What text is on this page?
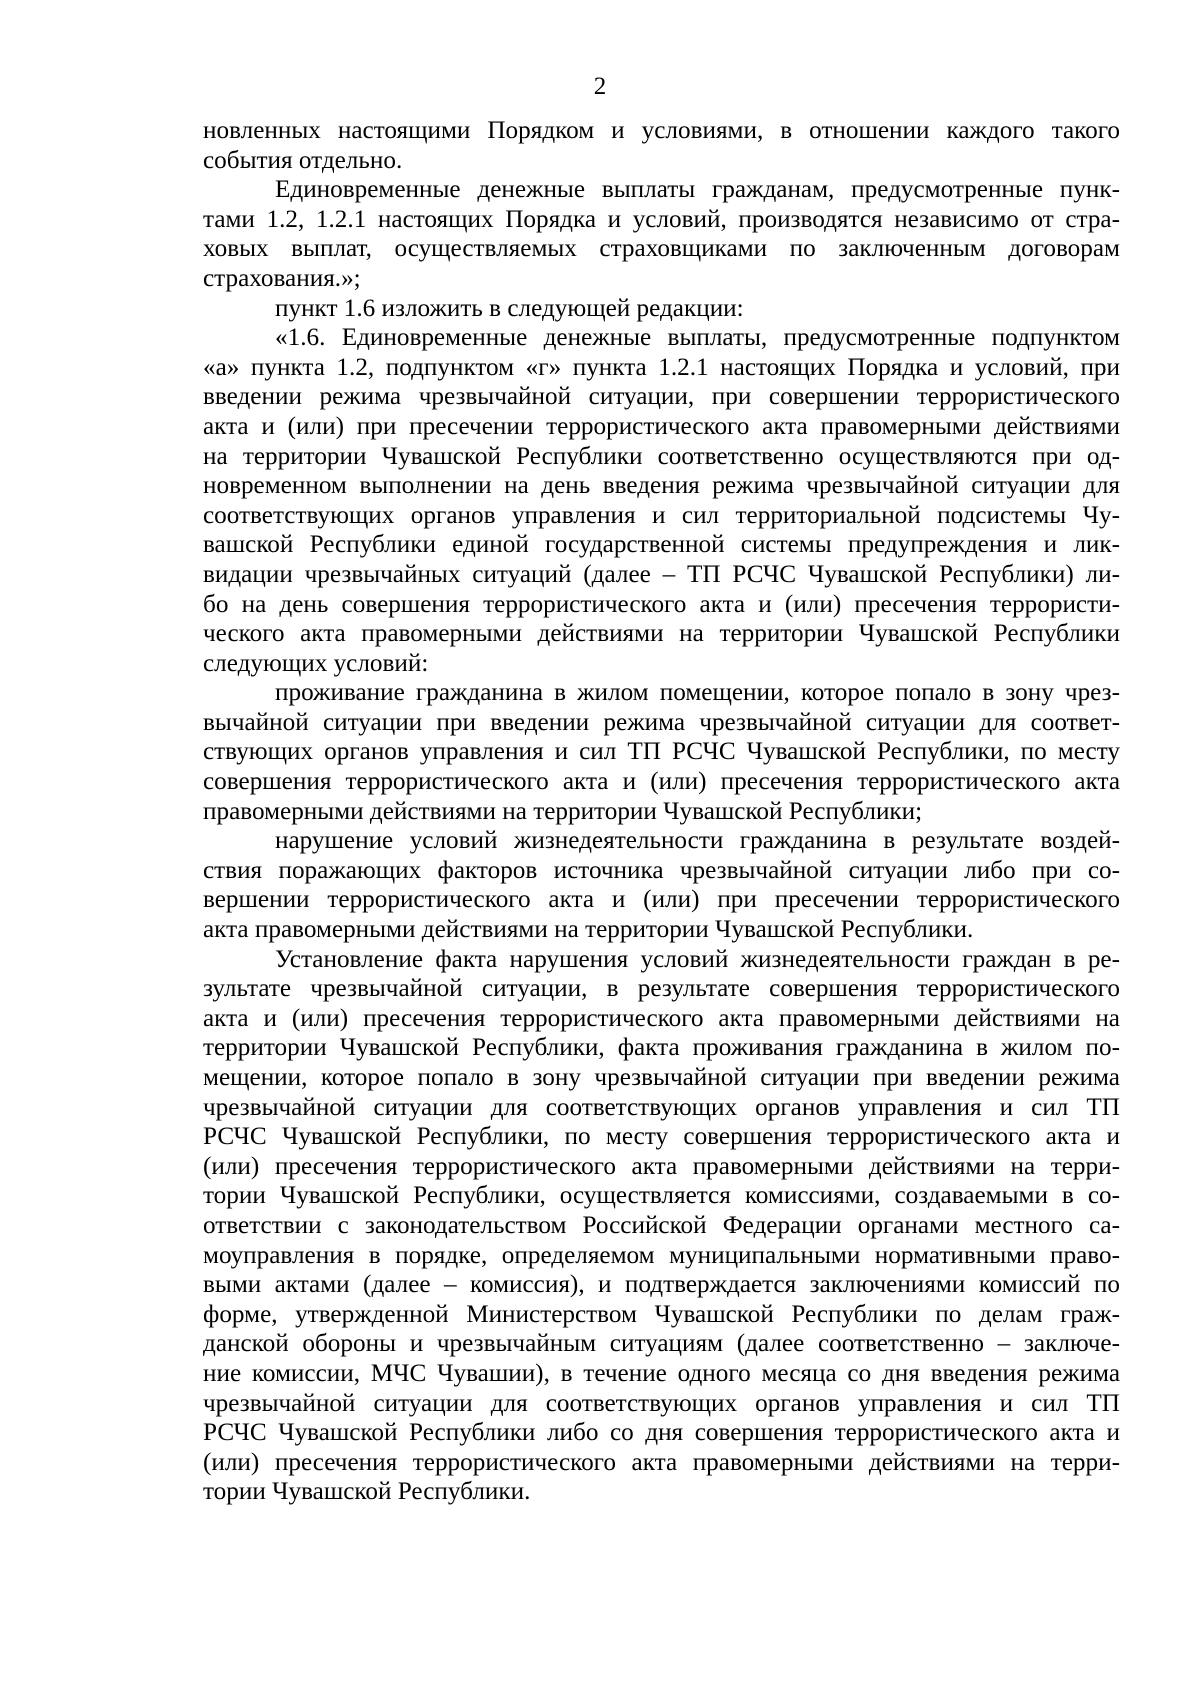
2
новленных настоящими Порядком и условиями, в отношении каждого такого
события отдельно.
Единовременные денежные выплаты гражданам, предусмотренные пунк-
тами 1.2, 1.2.1 настоящих Порядка и условий, производятся независимо от стра-
ховых выплат, осуществляемых страховщиками по заключенным договорам
страхования.»;
пункт 1.6 изложить в следующей редакции:
«1.6. Единовременные денежные выплаты, предусмотренные подпунктом
«а» пункта 1.2, подпунктом «г» пункта 1.2.1 настоящих Порядка и условий, при
введении режима чрезвычайной ситуации, при совершении террористического
акта и (или) при пресечении террористического акта правомерными действиями
на территории Чувашской Республики соответственно осуществляются при од-
новременном выполнении на день введения режима чрезвычайной ситуации для
соответствующих органов управления и сил территориальной подсистемы Чу-
вашской Республики единой государственной системы предупреждения и лик-
видации чрезвычайных ситуаций (далее – ТП РСЧС Чувашской Республики) ли-
бо на день совершения террористического акта и (или) пресечения террористи-
ческого акта правомерными действиями на территории Чувашской Республики
следующих условий:
проживание гражданина в жилом помещении, которое попало в зону чрез-
вычайной ситуации при введении режима чрезвычайной ситуации для соответ-
ствующих органов управления и сил ТП РСЧС Чувашской Республики, по месту
совершения террористического акта и (или) пресечения террористического акта
правомерными действиями на территории Чувашской Республики;
нарушение условий жизнедеятельности гражданина в результате воздей-
ствия поражающих факторов источника чрезвычайной ситуации либо при со-
вершении террористического акта и (или) при пресечении террористического
акта правомерными действиями на территории Чувашской Республики.
Установление факта нарушения условий жизнедеятельности граждан в ре-
зультате чрезвычайной ситуации, в результате совершения террористического
акта и (или) пресечения террористического акта правомерными действиями на
территории Чувашской Республики, факта проживания гражданина в жилом по-
мещении, которое попало в зону чрезвычайной ситуации при введении режима
чрезвычайной ситуации для соответствующих органов управления и сил ТП
РСЧС Чувашской Республики, по месту совершения террористического акта и
(или) пресечения террористического акта правомерными действиями на терри-
тории Чувашской Республики, осуществляется комиссиями, создаваемыми в со-
ответствии с законодательством Российской Федерации органами местного са-
моуправления в порядке, определяемом муниципальными нормативными право-
выми актами (далее – комиссия), и подтверждается заключениями комиссий по
форме, утвержденной Министерством Чувашской Республики по делам граж-
данской обороны и чрезвычайным ситуациям (далее соответственно – заключе-
ние комиссии, МЧС Чувашии), в течение одного месяца со дня введения режима
чрезвычайной ситуации для соответствующих органов управления и сил ТП
РСЧС Чувашской Республики либо со дня совершения террористического акта и
(или) пресечения террористического акта правомерными действиями на терри-
тории Чувашской Республики.
